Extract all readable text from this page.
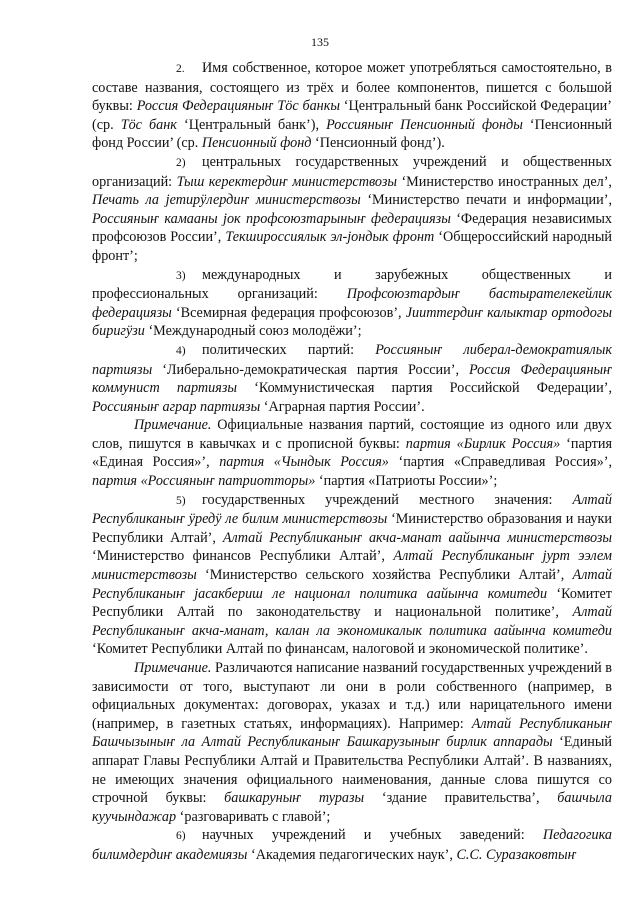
135

2. Имя собственное, которое может употребляться самостоятельно, в составе названия, состоящего из трёх и более компонентов, пишется с большой буквы: Россия Федерацияныҥ Тӧс банкы ‘Центральный банк Российской Федерации’ (ср. Тӧс банк ‘Центральный банк’), Россияныҥ Пенсионный фонды ‘Пенсионный фонд России’ (ср. Пенсионный фонд ‘Пенсионный фонд’).

2) центральных государственных учреждений и общественных организаций: Тыш керектердиҥ министерствозы ‘Министерство иностранных дел’, Печать ла јетирӱлердиҥ министерствозы ‘Министерство печати и информации’, Россияныҥ камааны јок профсоюзтарыныҥ федерациязы ‘Федерация независимых профсоюзов России’, Текшироссиялык эл-јондык фронт ‘Общероссийский народный фронт’;

3) международных и зарубежных общественных и профессиональных организаций: Профсоюзтардыҥ бастырателекейлик федерациязы ‘Всемирная федерация профсоюзов’, Јииттердиҥ калыктар ортодогы биригӱзи ‘Международный союз молодёжи’;

4) политических партий: Россияныҥ либерал-демократиялык партиязы ‘Либерально-демократическая партия России’, Россия Федерацияныҥ коммунист партиязы ‘Коммунистическая партия Российской Федерации’, Россияныҥ аграр партиязы ‘Аграрная партия России’.

Примечание. Официальные названия партий, состоящие из одного или двух слов, пишутся в кавычках и с прописной буквы: партия «Бирлик Россия» ‘партия «Единая Россия»’, партия «Чындык Россия» ‘партия «Справедливая Россия»’, партия «Россияныҥ патриотторы» ‘партия «Патриоты России»’;

5) государственных учреждений местного значения: Алтай Республиканыҥ ӱредӱ ле билим министерствозы ‘Министерство образования и науки Республики Алтай’, Алтай Республиканыҥ акча-манат аайынча министерствозы ‘Министерство финансов Республики Алтай’, Алтай Республиканыҥ јурт ээлем министерствозы ‘Министерство сельского хозяйства Республики Алтай’, Алтай Республиканыҥ јасакбериш ле национал политика аайынча комитеди ‘Комитет Республики Алтай по законодательству и национальной политике’, Алтай Республиканыҥ акча-манат, калан ла экономикалык политика аайынча комитеди ‘Комитет Республики Алтай по финансам, налоговой и экономической политике’.

Примечание. Различаются написание названий государственных учреждений в зависимости от того, выступают ли они в роли собственного (например, в официальных документах: договорах, указах и т.д.) или нарицательного имени (например, в газетных статьях, информациях). Например: Алтай Республиканыҥ Башчызыныҥ ла Алтай Республиканыҥ Башкарузыныҥ бирлик аппарады ‘Единый аппарат Главы Республики Алтай и Правительства Республики Алтай’. В названиях, не имеющих значения официального наименования, данные слова пишутся со строчной буквы: башкаруныҥ туразы ‘здание правительства’, башчыла куучындажар ‘разговаривать с главой’;

6) научных учреждений и учебных заведений: Педагогика билимдердиҥ академиязы ‘Академия педагогических наук’, С.С. Суразаковтыҥ
